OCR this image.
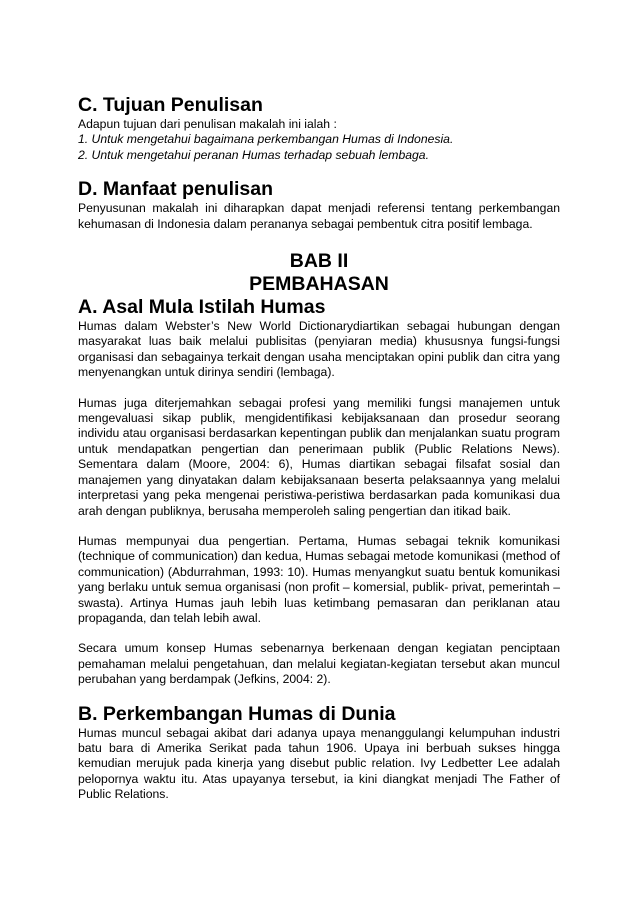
C. Tujuan Penulisan

Adapun tujuan dari penulisan makalah ini ialah :

1. Untuk mengetahui bagaimana perkembangan Humas di Indonesia.

2. Untuk mengetahui peranan Humas terhadap sebuah lembaga.

D. Manfaat penulisan

Penyusunan makalah ini diharapkan dapat menjadi referensi tentang perkembangan kehumasan di Indonesia dalam perananya sebagai pembentuk citra positif lembaga.

BAB II

PEMBAHASAN

A. Asal Mula Istilah Humas

Humas dalam Webster’s New World Dictionarydiartikan sebagai hubungan dengan masyarakat luas baik melalui publisitas (penyiaran media) khususnya fungsi-fungsi organisasi dan sebagainya terkait dengan usaha menciptakan opini publik dan citra yang menyenangkan untuk dirinya sendiri (lembaga).

Humas juga diterjemahkan sebagai profesi yang memiliki fungsi manajemen untuk mengevaluasi sikap publik, mengidentifikasi kebijaksanaan dan prosedur seorang individu atau organisasi berdasarkan kepentingan publik dan menjalankan suatu program untuk mendapatkan pengertian dan penerimaan publik (Public Relations News). Sementara dalam (Moore, 2004: 6), Humas diartikan sebagai filsafat sosial dan manajemen yang dinyatakan dalam kebijaksanaan beserta pelaksaannya yang melalui interpretasi yang peka mengenai peristiwa-peristiwa berdasarkan pada komunikasi dua arah dengan publiknya, berusaha memperoleh saling pengertian dan itikad baik.

Humas mempunyai dua pengertian. Pertama, Humas sebagai teknik komunikasi (technique of communication) dan kedua, Humas sebagai metode komunikasi (method of communication) (Abdurrahman, 1993: 10). Humas menyangkut suatu bentuk komunikasi yang berlaku untuk semua organisasi (non profit – komersial, publik- privat, pemerintah – swasta). Artinya Humas jauh lebih luas ketimbang pemasaran dan periklanan atau propaganda, dan telah lebih awal.

Secara umum konsep Humas sebenarnya berkenaan dengan kegiatan penciptaan pemahaman melalui pengetahuan, dan melalui kegiatan-kegiatan tersebut akan muncul perubahan yang berdampak (Jefkins, 2004: 2).

B. Perkembangan Humas di Dunia

Humas muncul sebagai akibat dari adanya upaya menanggulangi kelumpuhan industri batu bara di Amerika Serikat pada tahun 1906. Upaya ini berbuah sukses hingga kemudian merujuk pada kinerja yang disebut public relation. Ivy Ledbetter Lee adalah pelopornya waktu itu. Atas upayanya tersebut, ia kini diangkat menjadi The Father of Public Relations.
